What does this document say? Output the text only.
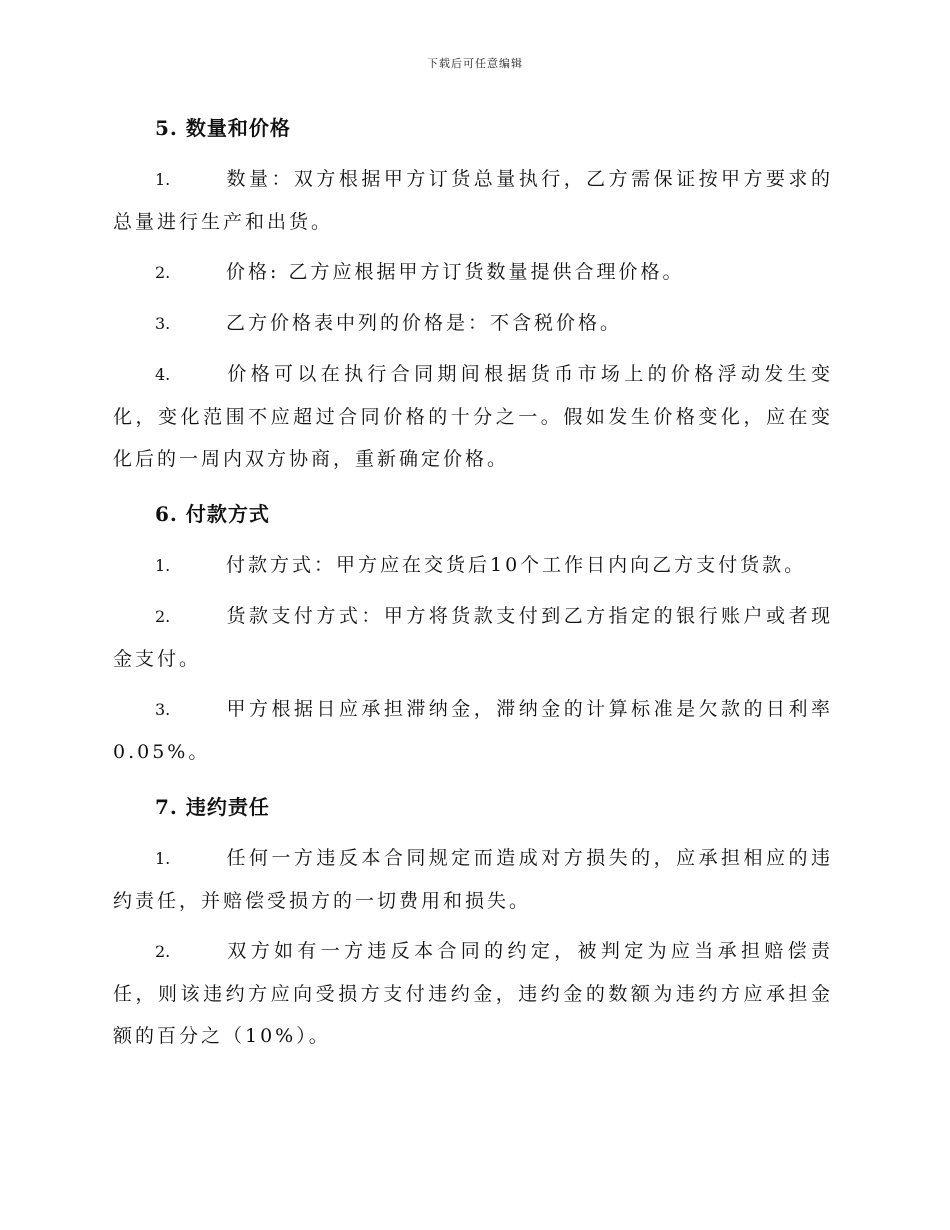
下载后可任意编辑
5. 数量和价格

1.	数量：双方根据甲方订货总量执行，乙方需保证按甲方要求的总量进行生产和出货。

2.	价格: 乙方应根据甲方订货数量提供合理价格。

3.	乙方价格表中列的价格是：不含税价格。

4.	价格可以在执行合同期间根据货币市场上的价格浮动发生变化，变化范围不应超过合同价格的十分之一。假如发生价格变化，应在变化后的一周内双方协商，重新确定价格。

6. 付款方式

1.	付款方式：甲方应在交货后10个工作日内向乙方支付货款。

2.	货款支付方式：甲方将货款支付到乙方指定的银行账户或者现金支付。

3.	甲方根据日应承担滞纳金，滞纳金的计算标准是欠款的日利率0.05%。

7. 违约责任

1.	任何一方违反本合同规定而造成对方损失的，应承担相应的违约责任，并赔偿受损方的一切费用和损失。

2.	双方如有一方违反本合同的约定，被判定为应当承担赔偿责任，则该违约方应向受损方支付违约金，违约金的数额为违约方应承担金额的百分之（10%）。
